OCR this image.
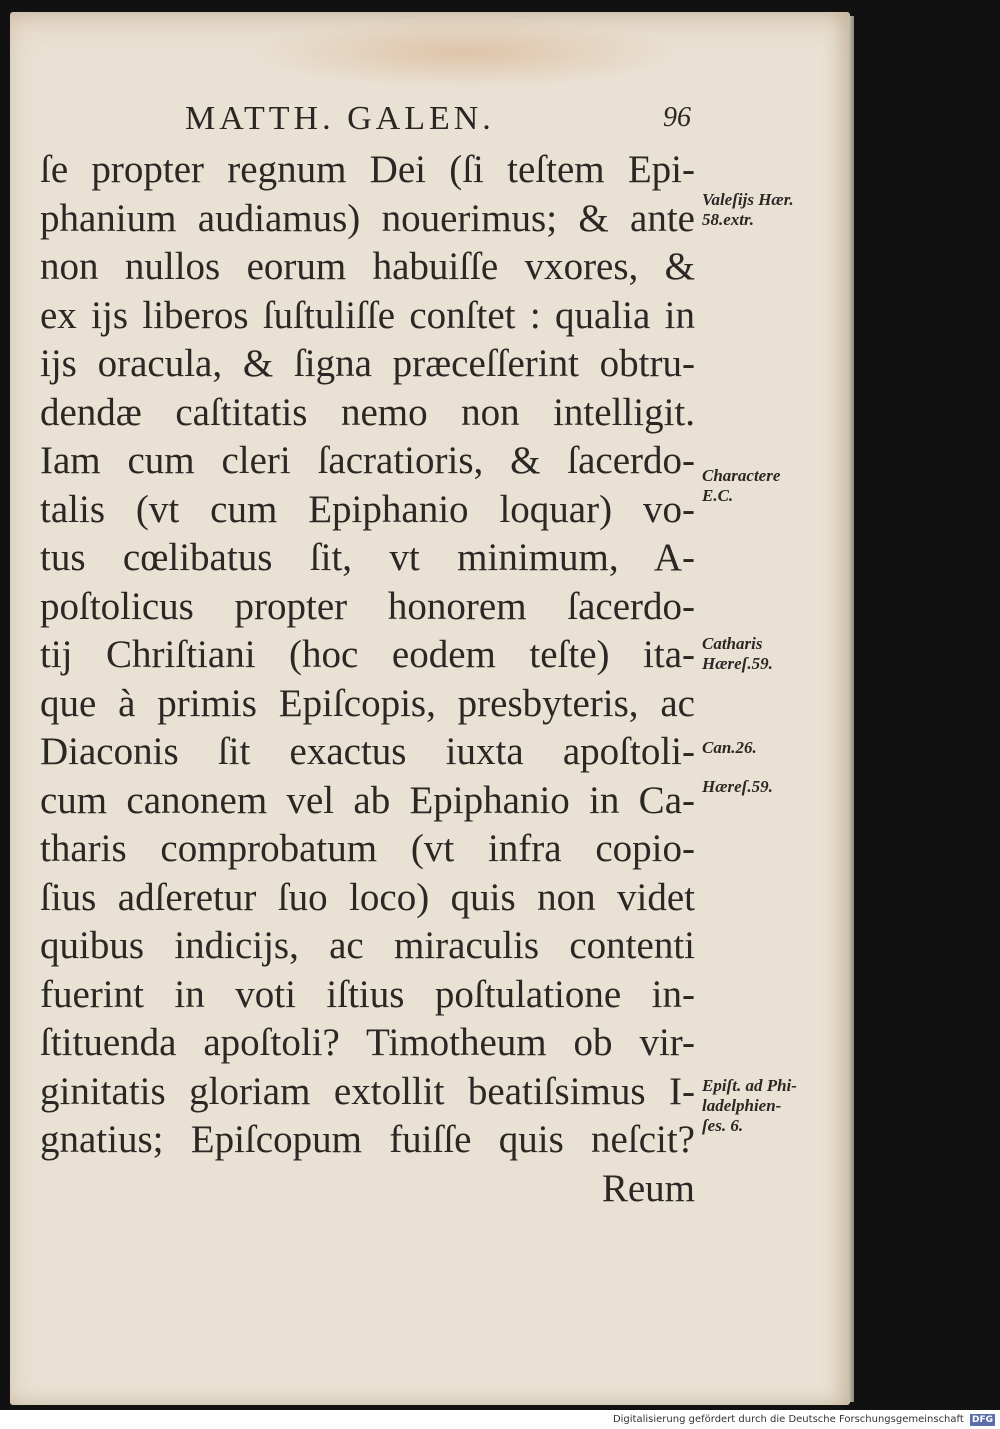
MATTH. GALEN.	96
ſe propter regnum Dei (ſi teſtem Epi-
phanium audiamus) nouerimus; & ante
non nullos eorum habuiſſe vxores, &
ex ijs liberos ſuſtuliſſe conſtet : qualia in
ijs oracula, & ſigna præceſſerint obtru-
dendæ caſtitatis nemo non intelligit.
Iam cum cleri ſacratioris, & ſacerdo-
talis (vt cum Epiphanio loquar) vo-
tus cœlibatus ſit, vt minimum, A-
poſtolicus propter honorem ſacerdo-
tij Chriſtiani (hoc eodem teſte) ita-
que à primis Epiſcopis, presbyteris, ac
Diaconis ſit exactus iuxta apoſtoli-
cum canonem vel ab Epiphanio in Ca-
tharis comprobatum (vt infra copio-
ſius adſeretur ſuo loco) quis non videt
quibus indicijs, ac miraculis contenti
fuerint in voti iſtius poſtulatione in-
ſtituenda apoſtoli? Timotheum ob vir-
ginitatis gloriam extollit beatiſsimus I-
gnatius; Epiſcopum fuiſſe quis neſcit?
Reum
Valeſijs Hær.
58.extr.
Charactere
E.C.
Catharis
Hæreſ.59.
Can.26.
Hæreſ.59.
Epiſt. ad Phi-
ladelphien-
ſes. 6.
Digitalisierung gefördert durch die Deutsche Forschungsgemeinschaft DFG
